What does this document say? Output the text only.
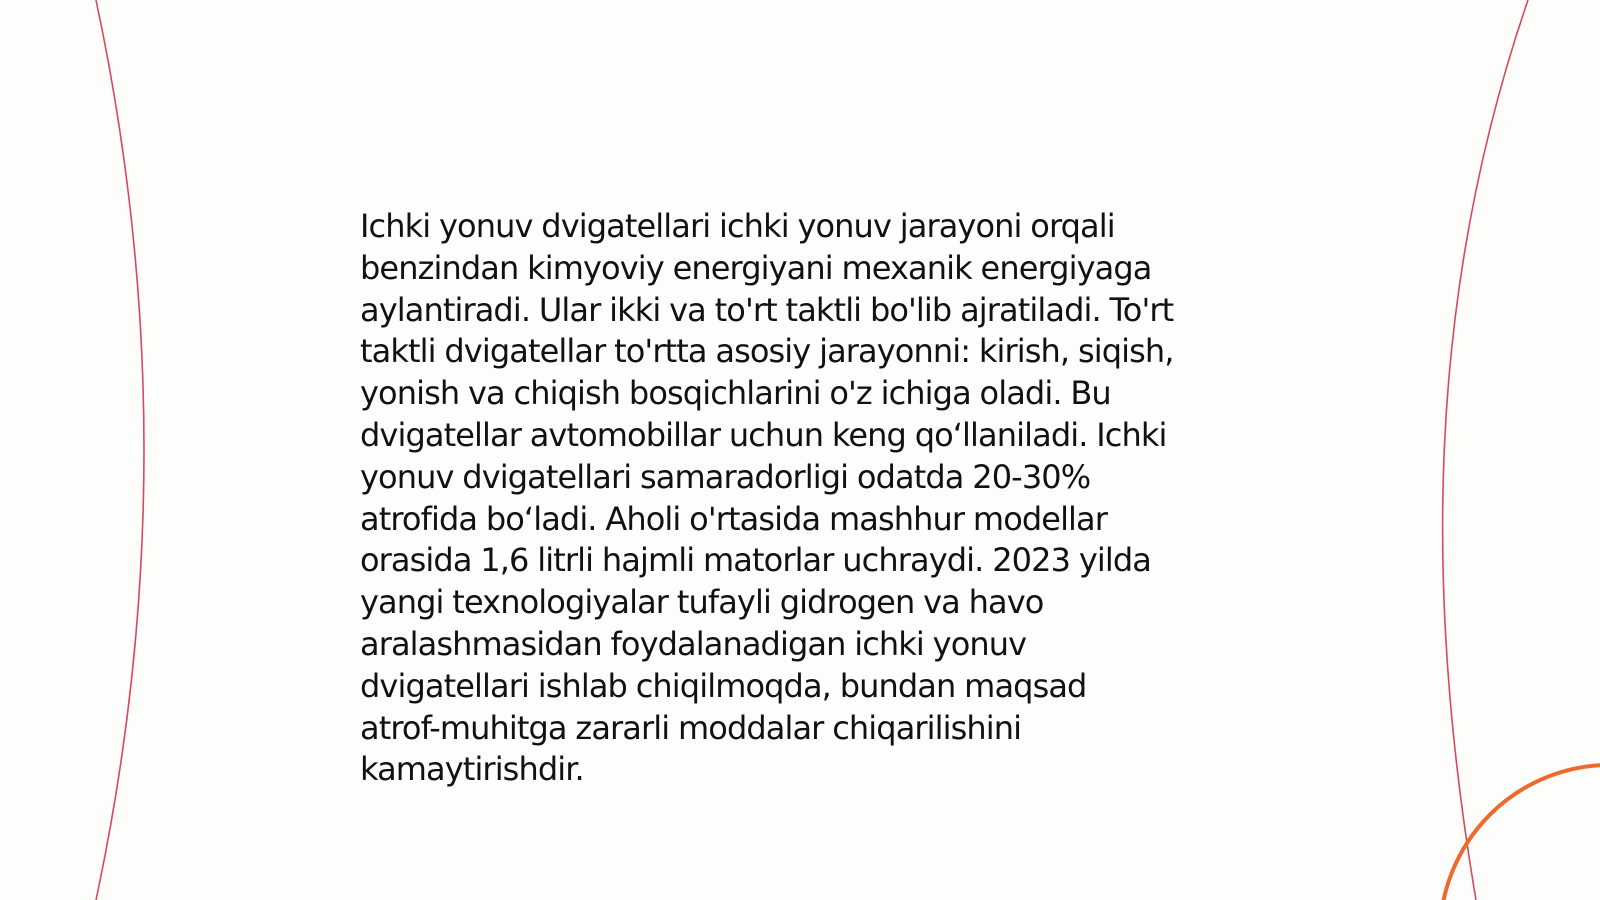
Ichki yonuv dvigatellari ichki yonuv jarayoni orqali
benzindan kimyoviy energiyani mexanik energiyaga
aylantiradi. Ular ikki va to'rt taktli bo'lib ajratiladi. To'rt
taktli dvigatellar to'rtta asosiy jarayonni: kirish, siqish,
yonish va chiqish bosqichlarini o'z ichiga oladi. Bu
dvigatellar avtomobillar uchun keng qo‘llaniladi. Ichki
yonuv dvigatellari samaradorligi odatda 20-30%
atrofida bo‘ladi. Aholi o'rtasida mashhur modellar
orasida 1,6 litrli hajmli matorlar uchraydi. 2023 yilda
yangi texnologiyalar tufayli gidrogen va havo
aralashmasidan foydalanadigan ichki yonuv
dvigatellari ishlab chiqilmoqda, bundan maqsad
atrof-muhitga zararli moddalar chiqarilishini
kamaytirishdir.
